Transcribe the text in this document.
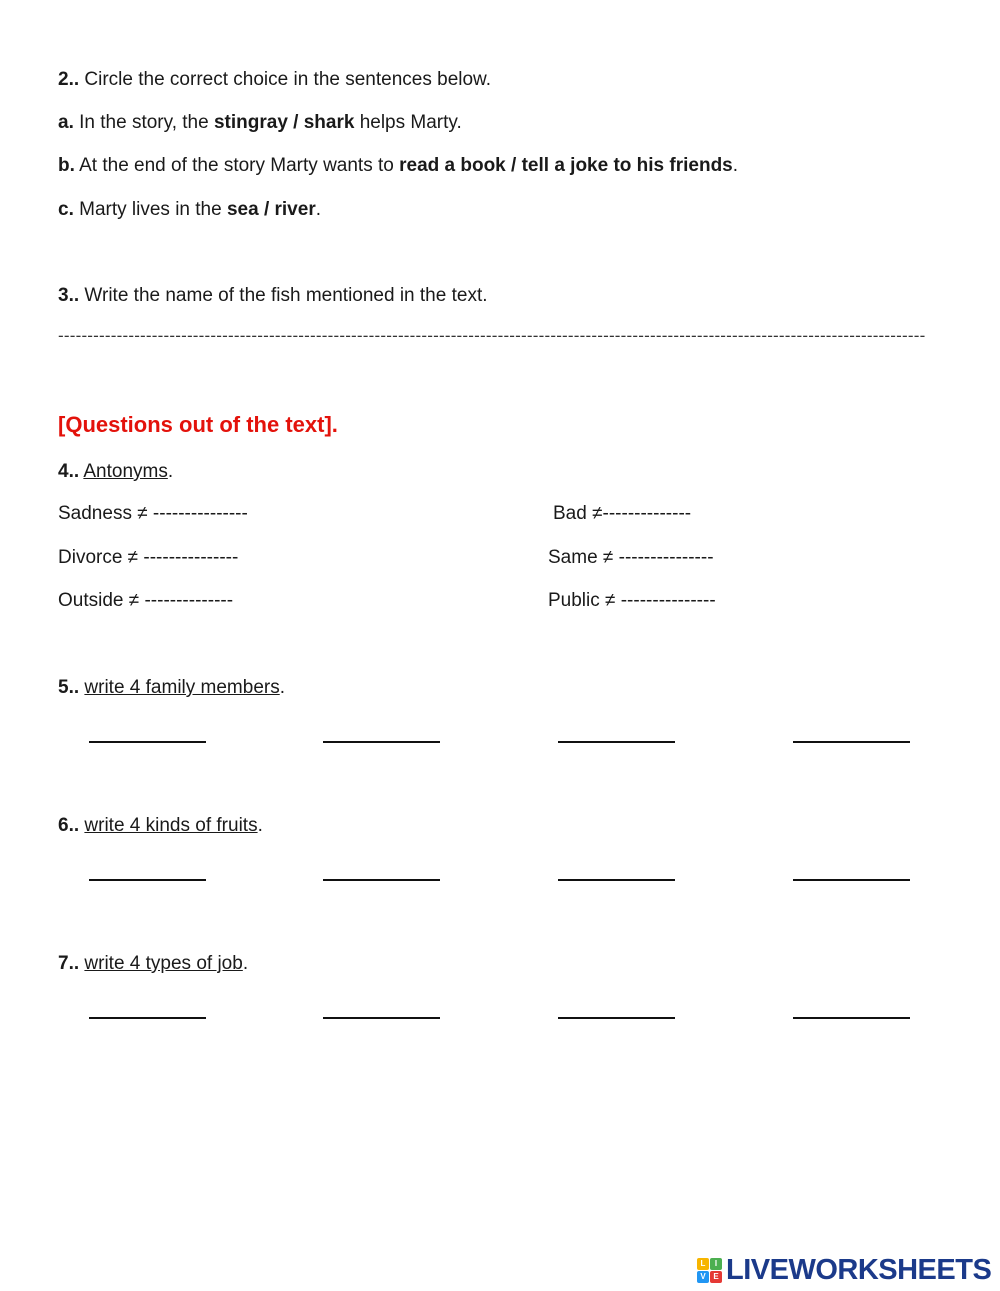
2.. Circle the correct choice in the sentences below.
a. In the story, the stingray / shark helps Marty.
b. At the end of the story Marty wants to read a book / tell a joke to his friends.
c. Marty lives in the sea / river.
3.. Write the name of the fish mentioned in the text.
----------------------------------------------------------------------------------------------------------------------------------------------------
[Questions out of the text].
4.. Antonyms.
Sadness ≠ ---------------	Bad ≠--------------
Divorce ≠ ---------------	Same ≠ ---------------
Outside ≠ --------------	Public ≠ ---------------
5.. write 4 family members.
6.. write 4 kinds of fruits.
7.. write 4 types of job.
L	I
V E LIVEWORKSHEETS
